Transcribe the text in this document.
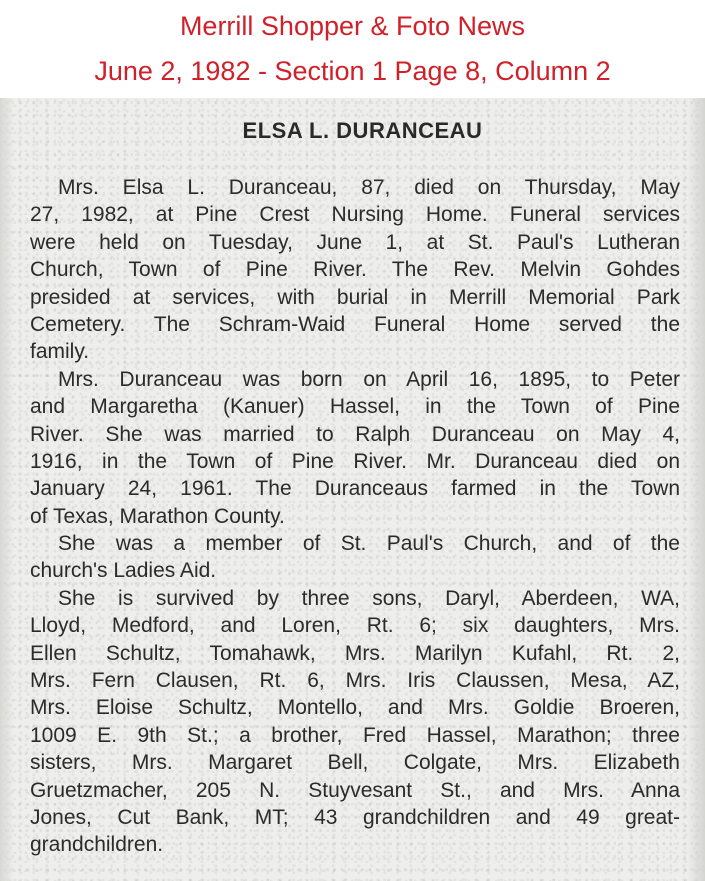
Merrill Shopper & Foto News
June 2, 1982 - Section 1 Page 8, Column 2
ELSA L. DURANCEAU
Mrs. Elsa L. Duranceau, 87, died on Thursday, May
27, 1982, at Pine Crest Nursing Home. Funeral services
were held on Tuesday, June 1, at St. Paul's Lutheran
Church, Town of Pine River. The Rev. Melvin Gohdes
presided at services, with burial in Merrill Memorial Park
Cemetery. The Schram-Waid Funeral Home served the
family.
Mrs. Duranceau was born on April 16, 1895, to Peter
and Margaretha (Kanuer) Hassel, in the Town of Pine
River. She was married to Ralph Duranceau on May 4,
1916, in the Town of Pine River. Mr. Duranceau died on
January 24, 1961. The Duranceaus farmed in the Town
of Texas, Marathon County.
She was a member of St. Paul's Church, and of the
church's Ladies Aid.
She is survived by three sons, Daryl, Aberdeen, WA,
Lloyd, Medford, and Loren, Rt. 6; six daughters, Mrs.
Ellen Schultz, Tomahawk, Mrs. Marilyn Kufahl, Rt. 2,
Mrs. Fern Clausen, Rt. 6, Mrs. Iris Claussen, Mesa, AZ,
Mrs. Eloise Schultz, Montello, and Mrs. Goldie Broeren,
1009 E. 9th St.; a brother, Fred Hassel, Marathon; three
sisters, Mrs. Margaret Bell, Colgate, Mrs. Elizabeth
Gruetzmacher, 205 N. Stuyvesant St., and Mrs. Anna
Jones, Cut Bank, MT; 43 grandchildren and 49 great-
grandchildren.
